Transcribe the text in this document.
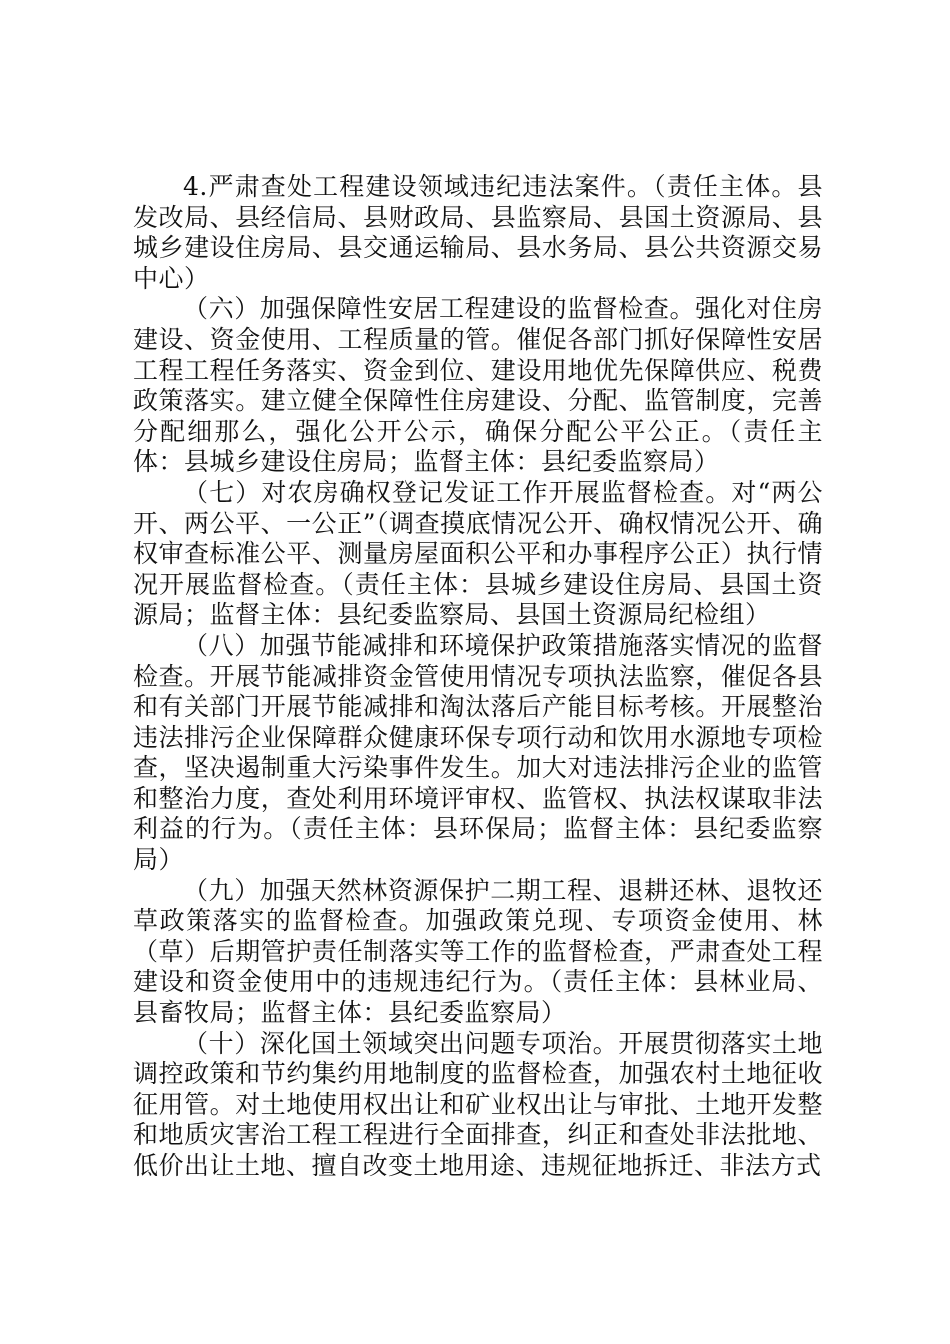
4.严肃查处工程建设领域违纪违法案件。（责任主体。县发改局、县经信局、县财政局、县监察局、县国土资源局、县城乡建设住房局、县交通运输局、县水务局、县公共资源交易中心）

（六）加强保障性安居工程建设的监督检查。强化对住房建设、资金使用、工程质量的管。催促各部门抓好保障性安居工程工程任务落实、资金到位、建设用地优先保障供应、税费政策落实。建立健全保障性住房建设、分配、监管制度，完善分配细那么，强化公开公示，确保分配公平公正。（责任主体：县城乡建设住房局；监督主体：县纪委监察局）

（七）对农房确权登记发证工作开展监督检查。对“两公开、两公平、一公正”（调查摸底情况公开、确权情况公开、确权审查标准公平、测量房屋面积公平和办事程序公正）执行情况开展监督检查。（责任主体：县城乡建设住房局、县国土资源局；监督主体：县纪委监察局、县国土资源局纪检组）

（八）加强节能减排和环境保护政策措施落实情况的监督检查。开展节能减排资金管使用情况专项执法监察，催促各县和有关部门开展节能减排和淘汰落后产能目标考核。开展整治违法排污企业保障群众健康环保专项行动和饮用水源地专项检查，坚决遏制重大污染事件发生。加大对违法排污企业的监管和整治力度，查处利用环境评审权、监管权、执法权谋取非法利益的行为。（责任主体：县环保局；监督主体：县纪委监察局）

（九）加强天然林资源保护二期工程、退耕还林、退牧还草政策落实的监督检查。加强政策兑现、专项资金使用、林（草）后期管护责任制落实等工作的监督检查，严肃查处工程建设和资金使用中的违规违纪行为。（责任主体：县林业局、县畜牧局；监督主体：县纪委监察局）

（十）深化国土领域突出问题专项治。开展贯彻落实土地调控政策和节约集约用地制度的监督检查，加强农村土地征收征用管。对土地使用权出让和矿业权出让与审批、土地开发整和地质灾害治工程工程进行全面排查，纠正和查处非法批地、低价出让土地、擅自改变土地用途、违规征地拆迁、非法方式
